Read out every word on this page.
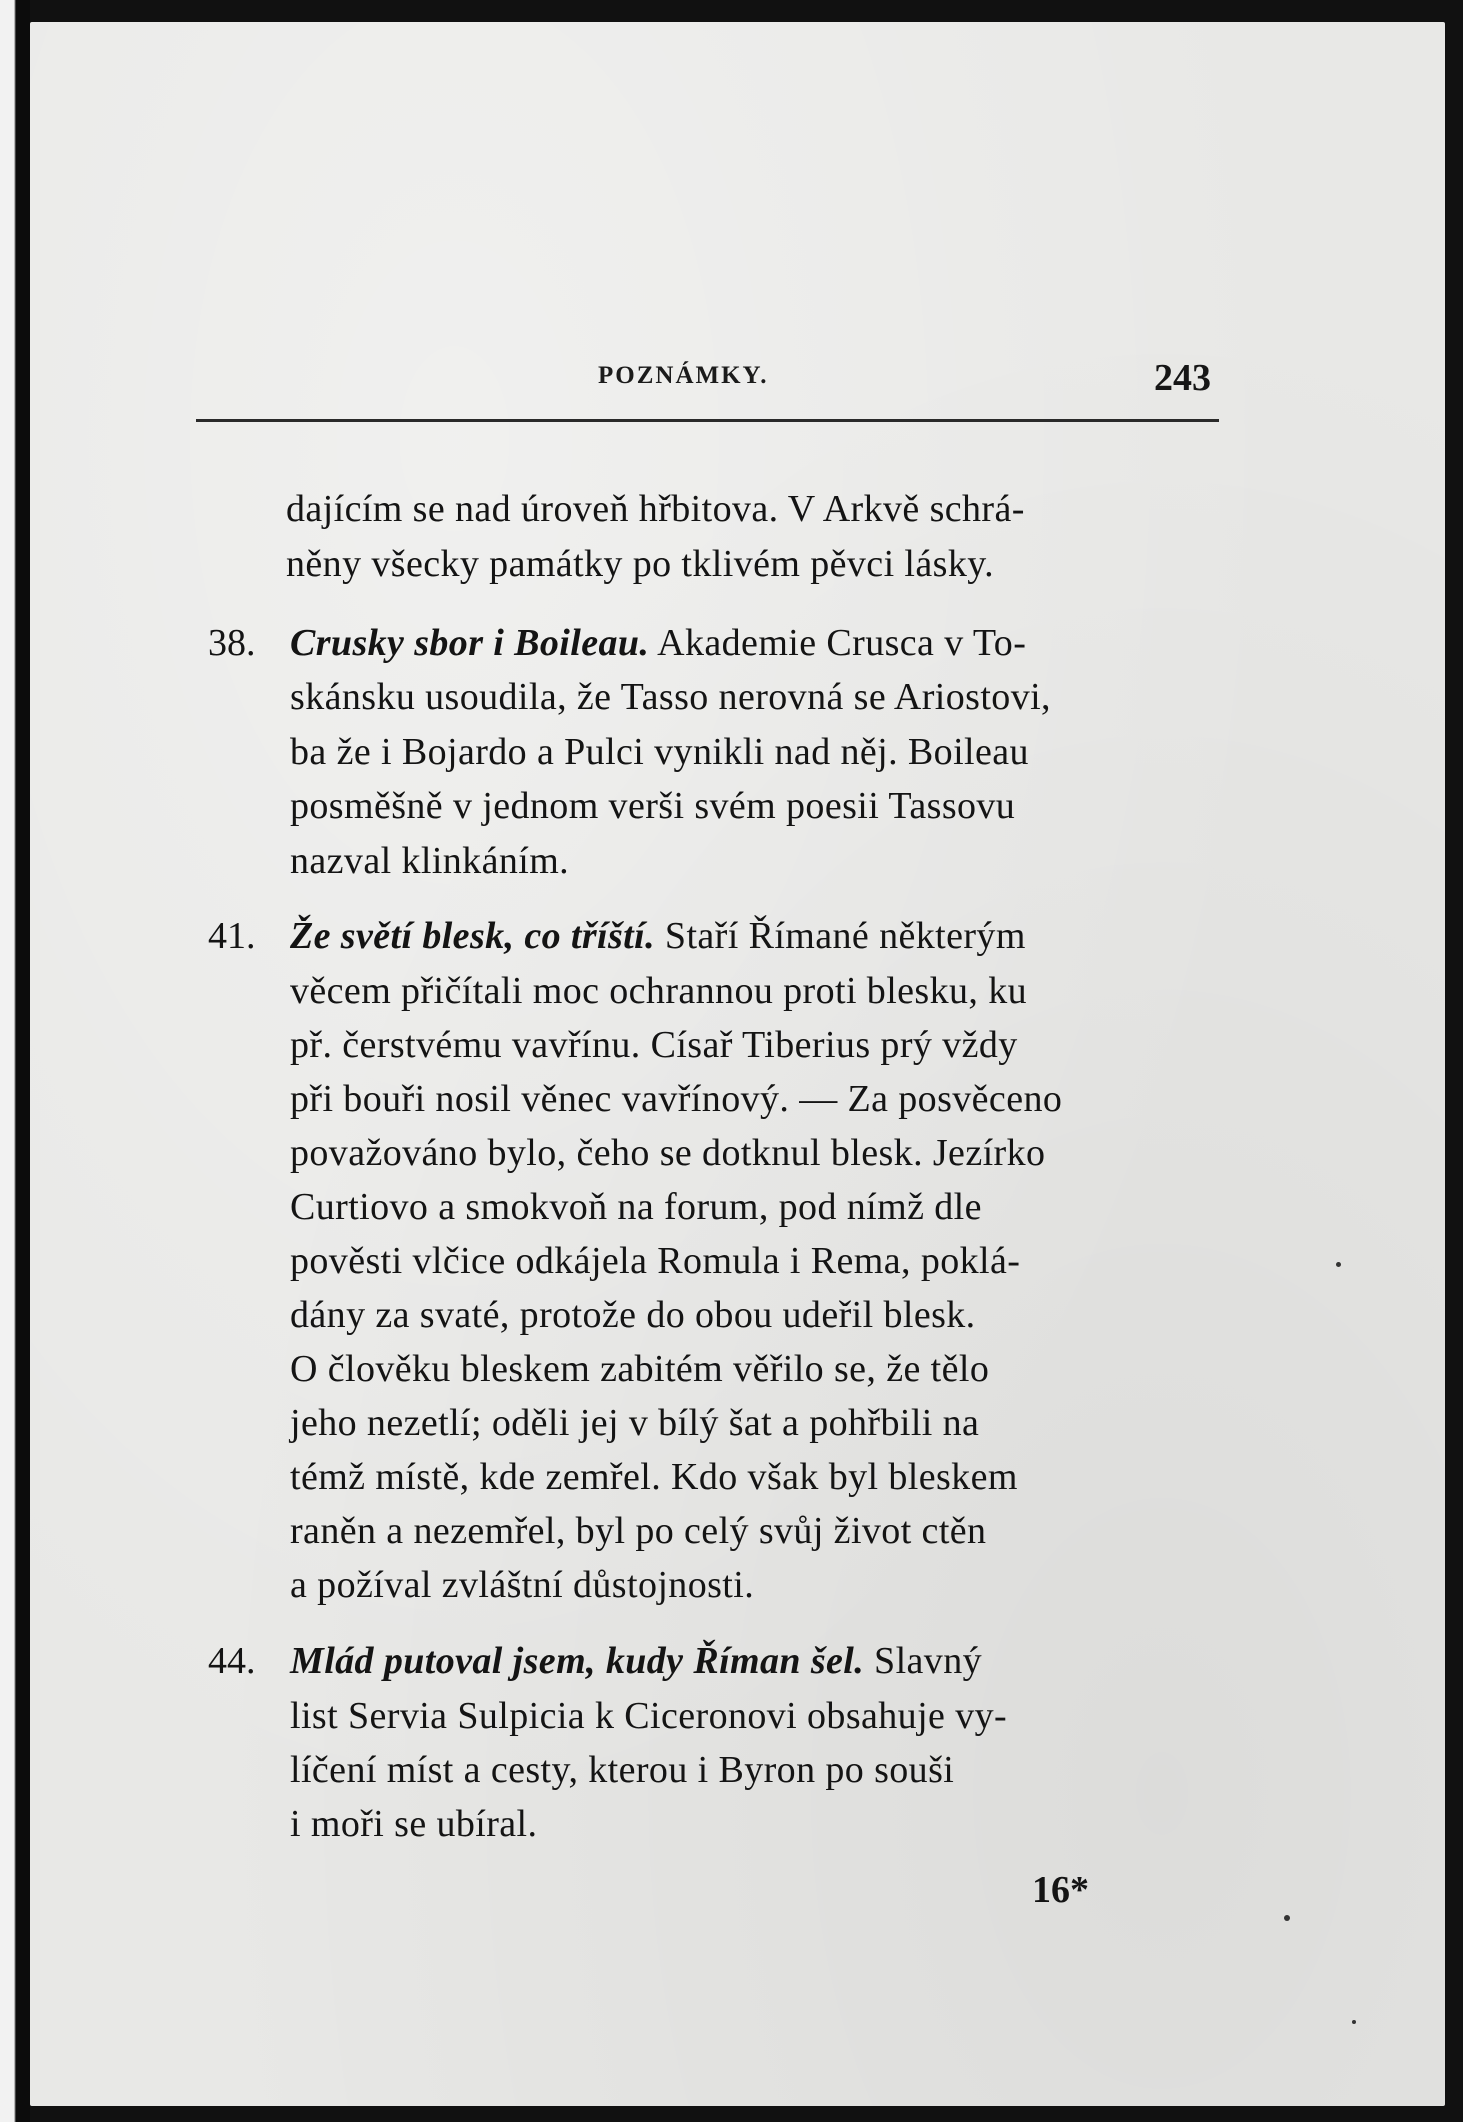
POZNÁMKY.	243
dajícím se nad úroveň hřbitova. V Arkvě schrá-
něny všecky památky po tklivém pěvci lásky.
38. Crusky sbor i Boileau. Akademie Crusca v To-
skánsku usoudila, že Tasso nerovná se Ariostovi,
ba že i Bojardo a Pulci vynikli nad něj. Boileau
posměšně v jednom verši svém poesii Tassovu
nazval klinkáním.
41. Že světí blesk, co tříští. Staří Římané některým
věcem přičítali moc ochrannou proti blesku, ku
př. čerstvému vavřínu. Císař Tiberius prý vždy
při bouři nosil věnec vavřínový. — Za posvěceno
považováno bylo, čeho se dotknul blesk. Jezírko
Curtiovo a smokvoň na forum, pod nímž dle
pověsti vlčice odkájela Romula i Rema, poklá-
dány za svaté, protože do obou udeřil blesk.
O člověku bleskem zabitém věřilo se, že tělo
jeho nezetlí; oděli jej v bílý šat a pohřbili na
témž místě, kde zemřel. Kdo však byl bleskem
raněn a nezemřel, byl po celý svůj život ctěn
a požíval zvláštní důstojnosti.
44. Mlád putoval jsem, kudy Říman šel. Slavný
list Servia Sulpicia k Ciceronovi obsahuje vy-
líčení míst a cesty, kterou i Byron po souši
i moři se ubíral.
16*
